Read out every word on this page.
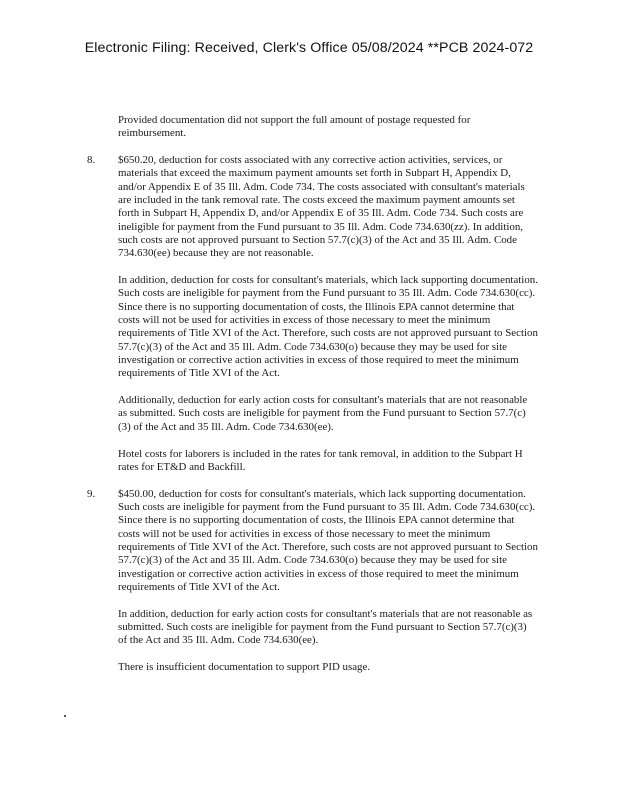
Electronic Filing: Received, Clerk's Office 05/08/2024 **PCB 2024-072

Provided documentation did not support the full amount of postage requested for reimbursement.

8. $650.20, deduction for costs associated with any corrective action activities, services, or materials that exceed the maximum payment amounts set forth in Subpart H, Appendix D, and/or Appendix E of 35 Ill. Adm. Code 734. The costs associated with consultant's materials are included in the tank removal rate. The costs exceed the maximum payment amounts set forth in Subpart H, Appendix D, and/or Appendix E of 35 Ill. Adm. Code 734. Such costs are ineligible for payment from the Fund pursuant to 35 Ill. Adm. Code 734.630(zz). In addition, such costs are not approved pursuant to Section 57.7(c)(3) of the Act and 35 Ill. Adm. Code 734.630(ee) because they are not reasonable.

In addition, deduction for costs for consultant's materials, which lack supporting documentation. Such costs are ineligible for payment from the Fund pursuant to 35 Ill. Adm. Code 734.630(cc). Since there is no supporting documentation of costs, the Illinois EPA cannot determine that costs will not be used for activities in excess of those necessary to meet the minimum requirements of Title XVI of the Act. Therefore, such costs are not approved pursuant to Section 57.7(c)(3) of the Act and 35 Ill. Adm. Code 734.630(o) because they may be used for site investigation or corrective action activities in excess of those required to meet the minimum requirements of Title XVI of the Act.

Additionally, deduction for early action costs for consultant's materials that are not reasonable as submitted. Such costs are ineligible for payment from the Fund pursuant to Section 57.7(c)(3) of the Act and 35 Ill. Adm. Code 734.630(ee).

Hotel costs for laborers is included in the rates for tank removal, in addition to the Subpart H rates for ET&D and Backfill.

9. $450.00, deduction for costs for consultant's materials, which lack supporting documentation. Such costs are ineligible for payment from the Fund pursuant to 35 Ill. Adm. Code 734.630(cc). Since there is no supporting documentation of costs, the Illinois EPA cannot determine that costs will not be used for activities in excess of those necessary to meet the minimum requirements of Title XVI of the Act. Therefore, such costs are not approved pursuant to Section 57.7(c)(3) of the Act and 35 Ill. Adm. Code 734.630(o) because they may be used for site investigation or corrective action activities in excess of those required to meet the minimum requirements of Title XVI of the Act.

In addition, deduction for early action costs for consultant's materials that are not reasonable as submitted. Such costs are ineligible for payment from the Fund pursuant to Section 57.7(c)(3) of the Act and 35 Ill. Adm. Code 734.630(ee).

There is insufficient documentation to support PID usage.
